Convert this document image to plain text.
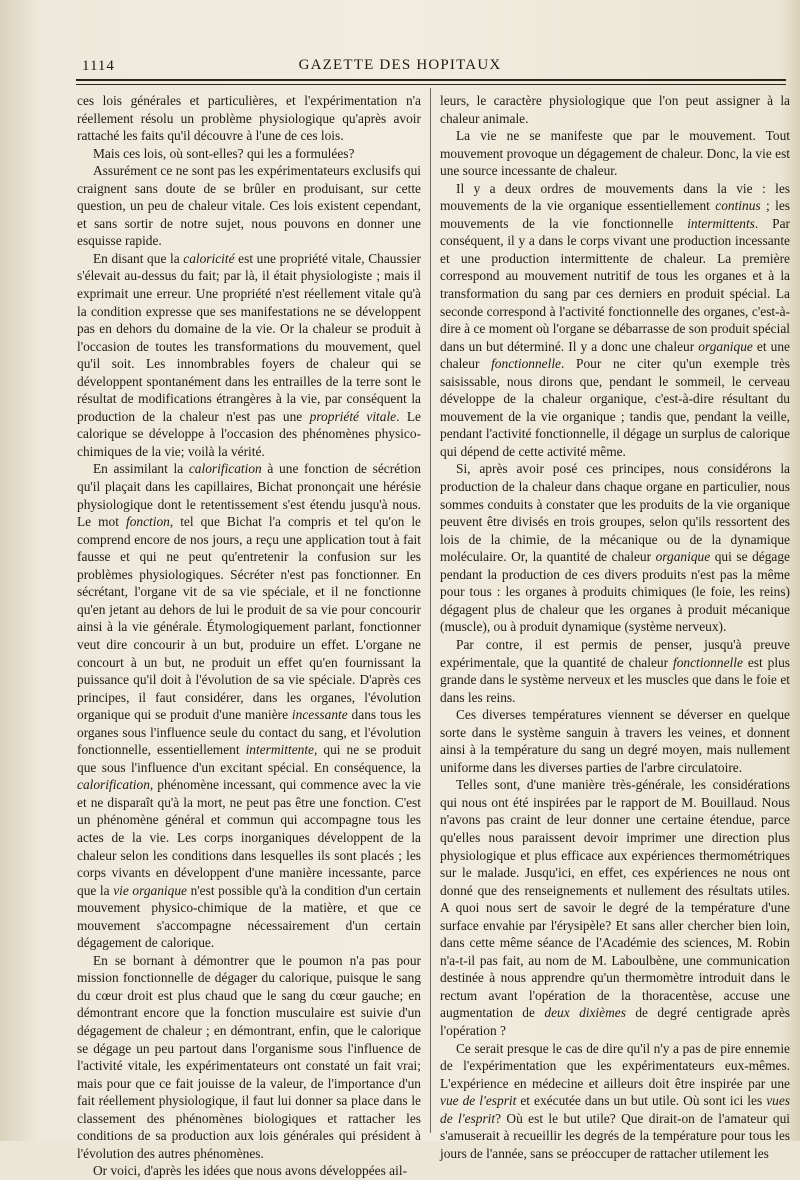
1114	GAZETTE DES HOPITAUX

ces lois générales et particulières, et l'expérimentation n'a réellement résolu un problème physiologique qu'après avoir rattaché les faits qu'il découvre à l'une de ces lois.

Mais ces lois, où sont-elles? qui les a formulées?

Assurément ce ne sont pas les expérimentateurs exclusifs qui craignent sans doute de se brûler en produisant, sur cette question, un peu de chaleur vitale. Ces lois existent cependant, et sans sortir de notre sujet, nous pouvons en donner une esquisse rapide.

En disant que la caloricité est une propriété vitale, Chaussier s'élevait au-dessus du fait; par là, il était physiologiste ; mais il exprimait une erreur. Une propriété n'est réellement vitale qu'à la condition expresse que ses manifestations ne se développent pas en dehors du domaine de la vie. Or la chaleur se produit à l'occasion de toutes les transformations du mouvement, quel qu'il soit. Les innombrables foyers de chaleur qui se développent spontanément dans les entrailles de la terre sont le résultat de modifications étrangères à la vie, par conséquent la production de la chaleur n'est pas une propriété vitale. Le calorique se développe à l'occasion des phénomènes physico-chimiques de la vie; voilà la vérité.

En assimilant la calorification à une fonction de sécrétion qu'il plaçait dans les capillaires, Bichat prononçait une hérésie physiologique dont le retentissement s'est étendu jusqu'à nous. Le mot fonction, tel que Bichat l'a compris et tel qu'on le comprend encore de nos jours, a reçu une application tout à fait fausse et qui ne peut qu'entretenir la confusion sur les problèmes physiologiques. Sécréter n'est pas fonctionner. En sécrétant, l'organe vit de sa vie spéciale, et il ne fonctionne qu'en jetant au dehors de lui le produit de sa vie pour concourir ainsi à la vie générale. Étymologiquement parlant, fonctionner veut dire concourir à un but, produire un effet. L'organe ne concourt à un but, ne produit un effet qu'en fournissant la puissance qu'il doit à l'évolution de sa vie spéciale. D'après ces principes, il faut considérer, dans les organes, l'évolution organique qui se produit d'une manière incessante dans tous les organes sous l'influence seule du contact du sang, et l'évolution fonctionnelle, essentiellement intermittente, qui ne se produit que sous l'influence d'un excitant spécial. En conséquence, la calorification, phénomène incessant, qui commence avec la vie et ne disparaît qu'à la mort, ne peut pas être une fonction. C'est un phénomène général et commun qui accompagne tous les actes de la vie. Les corps inorganiques développent de la chaleur selon les conditions dans lesquelles ils sont placés ; les corps vivants en développent d'une manière incessante, parce que la vie organique n'est possible qu'à la condition d'un certain mouvement physico-chimique de la matière, et que ce mouvement s'accompagne nécessairement d'un certain dégagement de calorique.

En se bornant à démontrer que le poumon n'a pas pour mission fonctionnelle de dégager du calorique, puisque le sang du cœur droit est plus chaud que le sang du cœur gauche; en démontrant encore que la fonction musculaire est suivie d'un dégagement de chaleur ; en démontrant, enfin, que le calorique se dégage un peu partout dans l'organisme sous l'influence de l'activité vitale, les expérimentateurs ont constaté un fait vrai; mais pour que ce fait jouisse de la valeur, de l'importance d'un fait réellement physiologique, il faut lui donner sa place dans le classement des phénomènes biologiques et rattacher les conditions de sa production aux lois générales qui président à l'évolution des autres phénomènes.

Or voici, d'après les idées que nous avons développées ail-

leurs, le caractère physiologique que l'on peut assigner à la chaleur animale.

La vie ne se manifeste que par le mouvement. Tout mouvement provoque un dégagement de chaleur. Donc, la vie est une source incessante de chaleur.

Il y a deux ordres de mouvements dans la vie : les mouvements de la vie organique essentiellement continus ; les mouvements de la vie fonctionnelle intermittents. Par conséquent, il y a dans le corps vivant une production incessante et une production intermittente de chaleur. La première correspond au mouvement nutritif de tous les organes et à la transformation du sang par ces derniers en produit spécial. La seconde correspond à l'activité fonctionnelle des organes, c'est-à-dire à ce moment où l'organe se débarrasse de son produit spécial dans un but déterminé. Il y a donc une chaleur organique et une chaleur fonctionnelle. Pour ne citer qu'un exemple très saisissable, nous dirons que, pendant le sommeil, le cerveau développe de la chaleur organique, c'est-à-dire résultant du mouvement de la vie organique ; tandis que, pendant la veille, pendant l'activité fonctionnelle, il dégage un surplus de calorique qui dépend de cette activité même.

Si, après avoir posé ces principes, nous considérons la production de la chaleur dans chaque organe en particulier, nous sommes conduits à constater que les produits de la vie organique peuvent être divisés en trois groupes, selon qu'ils ressortent des lois de la chimie, de la mécanique ou de la dynamique moléculaire. Or, la quantité de chaleur organique qui se dégage pendant la production de ces divers produits n'est pas la même pour tous : les organes à produits chimiques (le foie, les reins) dégagent plus de chaleur que les organes à produit mécanique (muscle), ou à produit dynamique (système nerveux).

Par contre, il est permis de penser, jusqu'à preuve expérimentale, que la quantité de chaleur fonctionnelle est plus grande dans le système nerveux et les muscles que dans le foie et dans les reins.

Ces diverses températures viennent se déverser en quelque sorte dans le système sanguin à travers les veines, et donnent ainsi à la température du sang un degré moyen, mais nullement uniforme dans les diverses parties de l'arbre circulatoire.

Telles sont, d'une manière très-générale, les considérations qui nous ont été inspirées par le rapport de M. Bouillaud. Nous n'avons pas craint de leur donner une certaine étendue, parce qu'elles nous paraissent devoir imprimer une direction plus physiologique et plus efficace aux expériences thermométriques sur le malade. Jusqu'ici, en effet, ces expériences ne nous ont donné que des renseignements et nullement des résultats utiles. A quoi nous sert de savoir le degré de la température d'une surface envahie par l'érysipèle? Et sans aller chercher bien loin, dans cette même séance de l'Académie des sciences, M. Robin n'a-t-il pas fait, au nom de M. Laboulbène, une communication destinée à nous apprendre qu'un thermomètre introduit dans le rectum avant l'opération de la thoracentèse, accuse une augmentation de deux dixièmes de degré centigrade après l'opération ?

Ce serait presque le cas de dire qu'il n'y a pas de pire ennemie de l'expérimentation que les expérimentateurs eux-mêmes. L'expérience en médecine et ailleurs doit être inspirée par une vue de l'esprit et exécutée dans un but utile. Où sont ici les vues de l'esprit? Où est le but utile? Que dirait-on de l'amateur qui s'amuserait à recueillir les degrés de la température pour tous les jours de l'année, sans se préoccuper de rattacher utilement les
